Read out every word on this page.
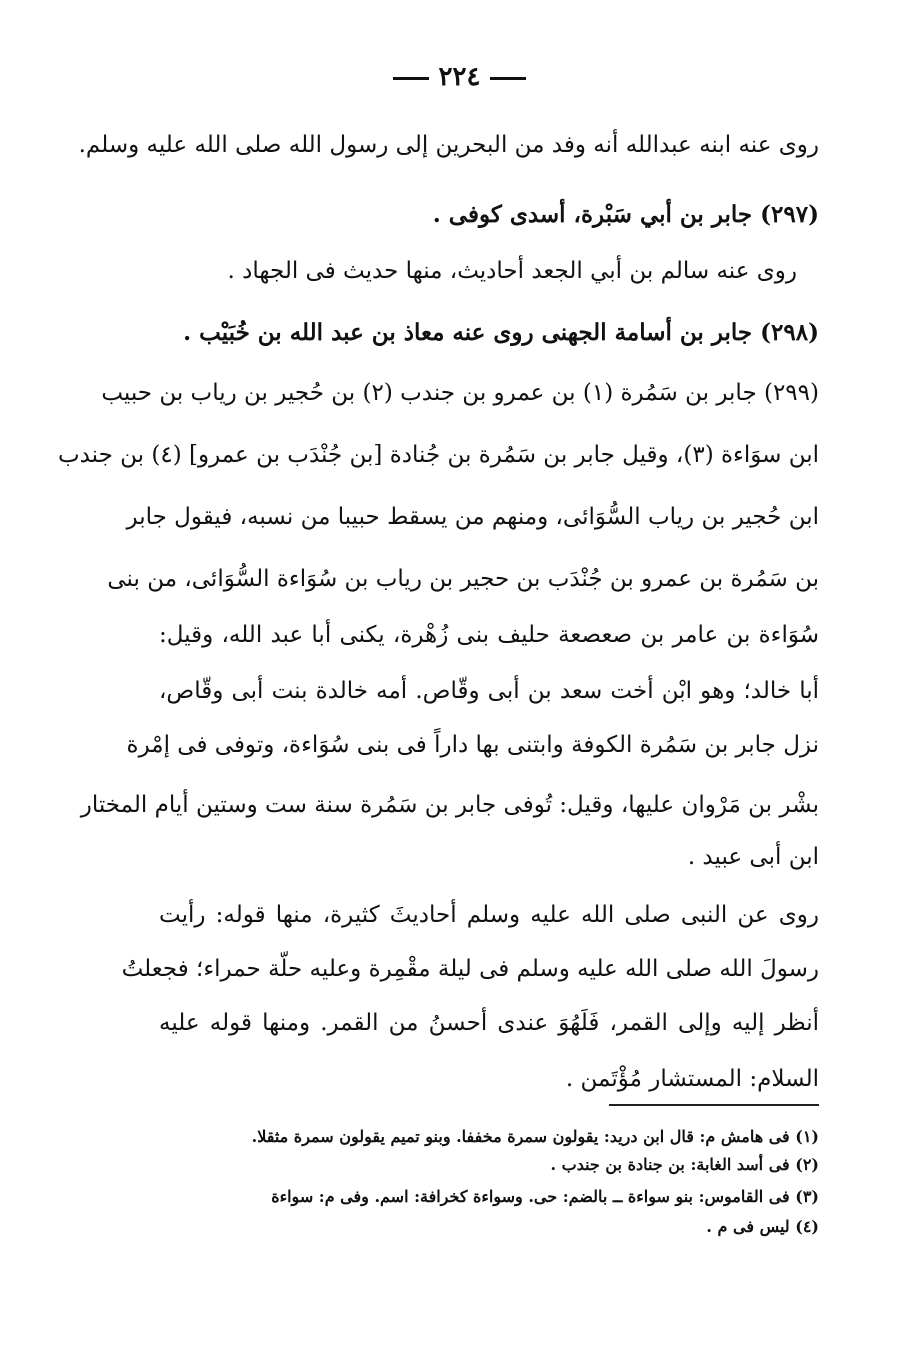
٢٢٤
روى عنه ابنه عبدالله أنه وفد من البحرين إلى رسول الله صلى الله عليه وسلم.
(٢٩٧) جابر بن أبي سَبْرة، أسدى كوفى .
روى عنه سالم بن أبي الجعد أحاديث، منها حديث فى الجهاد .
(٢٩٨) جابر بن أسامة الجهنى روى عنه معاذ بن عبد الله بن خُبَيْب .
(٢٩٩) جابر بن سَمُرة (١) بن عمرو بن جندب (٢) بن حُجير بن رياب بن حبيب
ابن سوَاءة (٣)، وقيل جابر بن سَمُرة بن جُنادة [بن جُنْدَب بن عمرو] (٤) بن جندب
ابن حُجير بن رياب السُّوَائى، ومنهم من يسقط حبيبا من نسبه، فيقول جابر
بن سَمُرة بن عمرو بن جُنْدَب بن حجير بن رياب بن سُوَاءة السُّوَائى، من بنى
سُوَاءة بن عامر بن صعصعة حليف بنى زُهْرة، يكنى أبا عبد الله، وقيل:
أبا خالد؛ وهو ابْن أخت سعد بن أبى وقّاص. أمه خالدة بنت أبى وقّاص،
نزل جابر بن سَمُرة الكوفة وابتنى بها داراً فى بنى سُوَاءة، وتوفى فى إمْرة
بشْر بن مَرْوان عليها، وقيل: تُوفى جابر بن سَمُرة سنة ست وستين أيام المختار
ابن أبى عبيد .
روى عن النبى صلى الله عليه وسلم أحاديثَ كثيرة، منها قوله: رأيت
رسولَ الله صلى الله عليه وسلم فى ليلة مقْمِرة وعليه حلّة حمراء؛ فجعلتُ
أنظر إليه وإلى القمر، فَلَهُوَ عندى أحسنُ من القمر. ومنها قوله عليه
السلام: المستشار مُؤْتَمن .
(١) فى هامش م: قال ابن دريد: يقولون سمرة مخففا. وبنو تميم يقولون سمرة مثقلا.
(٢) فى أسد الغابة: بن جنادة بن جندب .
(٣) فى القاموس: بنو سواءة ــ بالضم: حى. وسواءة كخرافة: اسم. وفى م: سواءة
(٤) ليس فى م .
